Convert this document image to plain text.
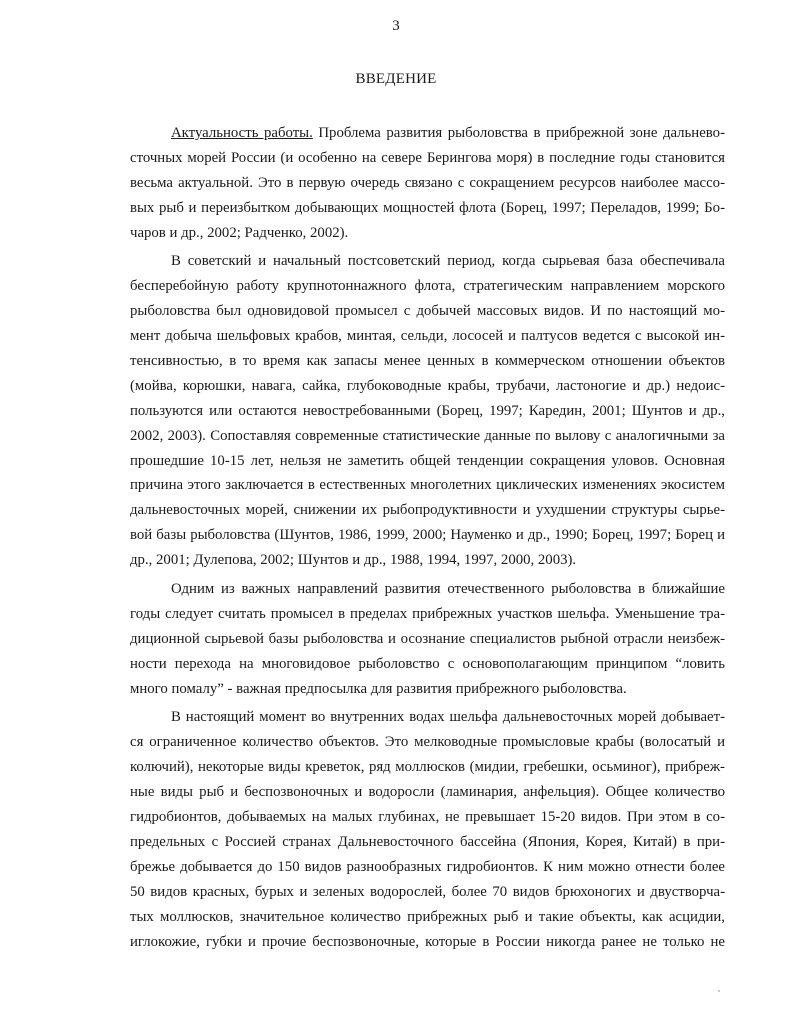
3
ВВЕДЕНИЕ
Актуальность работы. Проблема развития рыболовства в прибрежной зоне дальнево-
сточных морей России (и особенно на севере Берингова моря) в последние годы становится
весьма актуальной. Это в первую очередь связано с сокращением ресурсов наиболее массо-
вых рыб и переизбытком добывающих мощностей флота (Борец, 1997; Переладов, 1999; Бо-
чаров и др., 2002; Радченко, 2002).
В советский и начальный постсоветский период, когда сырьевая база обеспечивала
бесперебойную работу крупнотоннажного флота, стратегическим направлением морского
рыболовства был одновидовой промысел с добычей массовых видов. И по настоящий мо-
мент добыча шельфовых крабов, минтая, сельди, лососей и палтусов ведется с высокой ин-
тенсивностью, в то время как запасы менее ценных в коммерческом отношении объектов
(мойва, корюшки, навага, сайка, глубоководные крабы, трубачи, ластоногие и др.) недоис-
пользуются или остаются невостребованными (Борец, 1997; Каредин, 2001; Шунтов и др.,
2002, 2003). Сопоставляя современные статистические данные по вылову с аналогичными за
прошедшие 10-15 лет, нельзя не заметить общей тенденции сокращения уловов. Основная
причина этого заключается в естественных многолетних циклических изменениях экосистем
дальневосточных морей, снижении их рыбопродуктивности и ухудшении структуры сырье-
вой базы рыболовства (Шунтов, 1986, 1999, 2000; Науменко и др., 1990; Борец, 1997; Борец и
др., 2001; Дулепова, 2002; Шунтов и др., 1988, 1994, 1997, 2000, 2003).
Одним из важных направлений развития отечественного рыболовства в ближайшие
годы следует считать промысел в пределах прибрежных участков шельфа. Уменьшение тра-
диционной сырьевой базы рыболовства и осознание специалистов рыбной отрасли неизбеж-
ности перехода на многовидовое рыболовство с основополагающим принципом “ловить
много помалу” - важная предпосылка для развития прибрежного рыболовства.
В настоящий момент во внутренних водах шельфа дальневосточных морей добывает-
ся ограниченное количество объектов. Это мелководные промысловые крабы (волосатый и
колючий), некоторые виды креветок, ряд моллюсков (мидии, гребешки, осьминог), прибреж-
ные виды рыб и беспозвоночных и водоросли (ламинария, анфельция). Общее количество
гидробионтов, добываемых на малых глубинах, не превышает 15-20 видов. При этом в со-
предельных с Россией странах Дальневосточного бассейна (Япония, Корея, Китай) в при-
брежье добывается до 150 видов разнообразных гидробионтов. К ним можно отнести более
50 видов красных, бурых и зеленых водорослей, более 70 видов брюхоногих и двустворча-
тых моллюсков, значительное количество прибрежных рыб и такие объекты, как асцидии,
иглокожие, губки и прочие беспозвоночные, которые в России никогда ранее не только не
